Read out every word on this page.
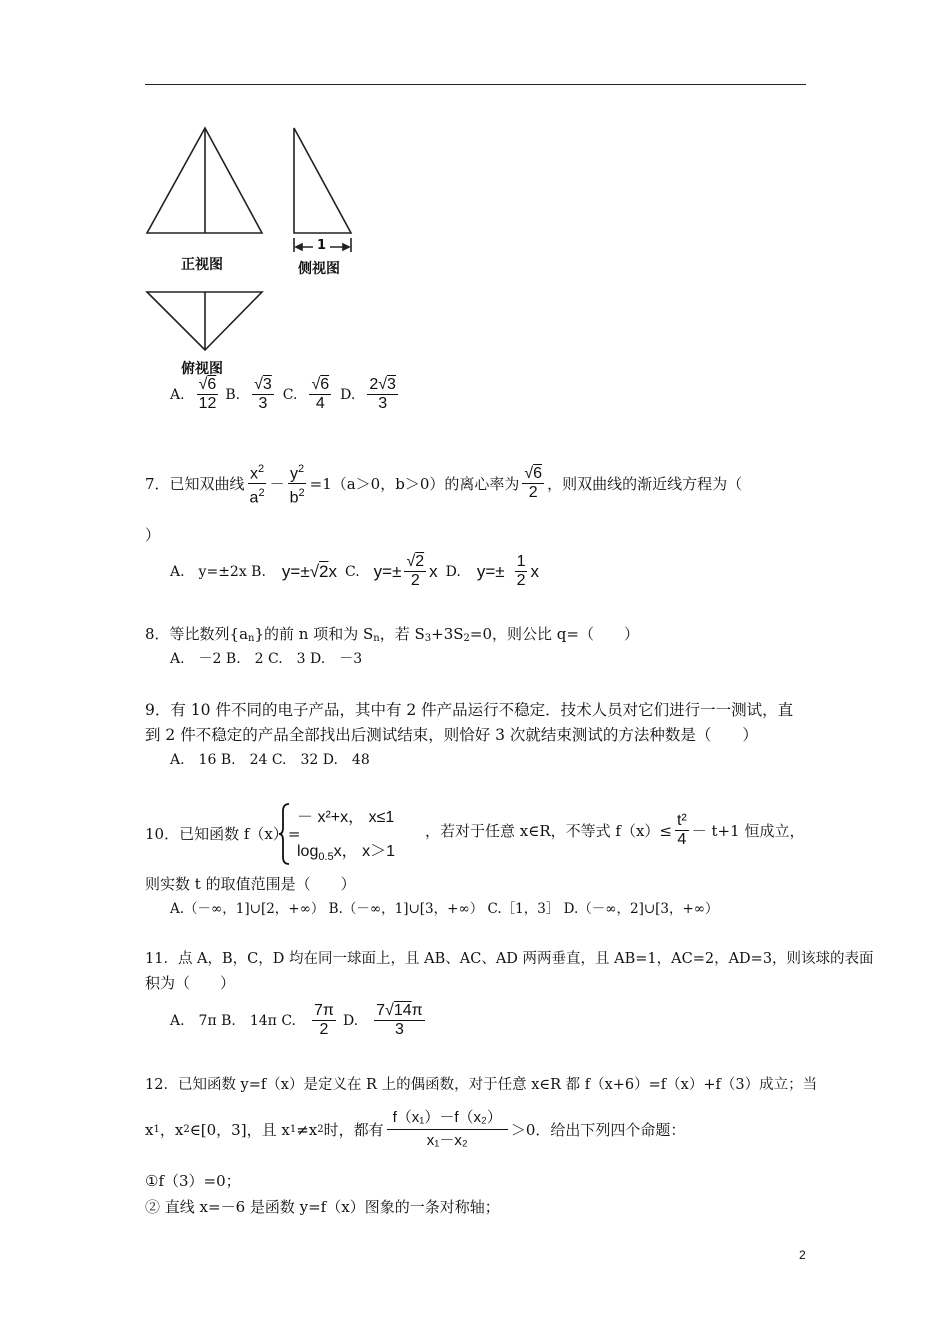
正视图
1
侧视图
俯视图
A. $\frac{√6}{12} B$. $\frac{√3}{3} C$. $\frac{√6}{4} D$. $\frac{2√3}{3}$
7．已知双曲线 $\frac{x^2}{a^2} - \frac{y^2}{b^2} =1(a>0$，b＞0）的离心率为 $\frac{√6}{2}$ ，则双曲线的渐近线方程为（
）
A.　y=±2x B. y=±√2x C. $y=\pm \frac{√2}{2}$ x D. $y=\pm \frac{1}{2}$ x
8．等比数列$\{a_n\}$的前 n 项和为 $S_n$，若 $S_3+3S_2=0$，则公比 q=（　　）
A.　－2 B.　2 C.　3 D.　－3
9．有 10 件不同的电子产品，其中有 2 件产品运行不稳定．技术人员对它们进行一一测试，直
到 2 件不稳定的产品全部找出后测试结束，则恰好 3 次就结束测试的方法种数是（　　）
A.　16 B.　24 C.　32 D.　48
10．已知函数 f（x）=
－ x²+x， x≤1
$\log_{0.5}x$， x＞1
，若对于任意 x∈R，不等式 $f(x)\le \frac{\text{t²}}{4} - t+1$ 恒成立，
则实数 t 的取值范围是（　　）
A.（－∞，1]∪[2，+∞） B.（－∞，1]∪[3，+∞） C.［1，3］ D.（－∞，2]∪[3，+∞）
11．点 A，B，C，D 均在同一球面上，且 AB、AC、AD 两两垂直，且 AB=1，AC=2，AD=3，则该球的表面
积为（　　）
A.　7π B.　14π C. $\frac{7\pi}{2} D$. $\frac{7√14\pi}{3}$
12．已知函数 y=f（x）是定义在 R 上的偶函数，对于任意 x∈R 都 f（x+6）=f（x）+f（3）成立；当
x 1 ，x 2 ∈[0，3]，且 x 1 ≠x 2 时，都有 $\frac{\text{f（x₁）－f（x₂）}}{\text{x₁－x₂}} >0$．给出下列四个命题：
①f（3）=0；
② 直线 x=－6 是函数 y=f（x）图象的一条对称轴；
2
